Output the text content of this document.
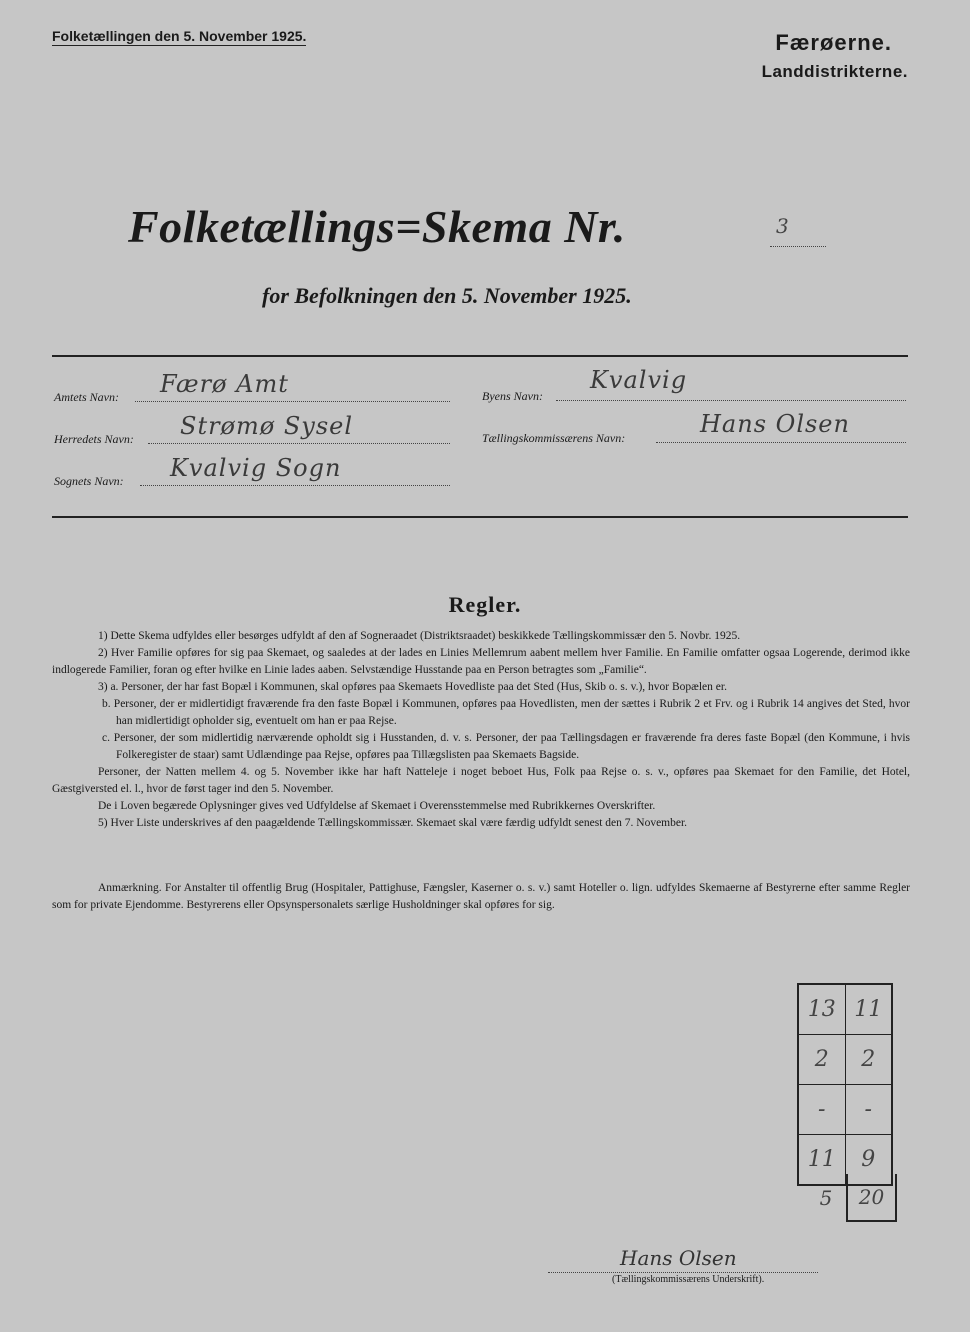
Folketællingen den 5. November 1925.	Færøerne.
Landdistrikterne.
Folketællings=Skema Nr.	3
for Befolkningen den 5. November 1925.
Amtets Navn: Færø Amt
Herredets Navn: Strømø Sysel
Sognets Navn: Kvalvig Sogn
Byens Navn:
Kvalvig
Tællingskommissærens Navn:	Hans Olsen
Regler.

1) Dette Skema udfyldes eller besørges udfyldt af den af Sogneraadet (Distriktsraadet) beskikkede Tællingskommissær den 5. Novbr. 1925.

2) Hver Familie opføres for sig paa Skemaet, og saaledes at der lades en Linies Mellemrum aabent mellem hver Familie. En Familie omfatter ogsaa Logerende, derimod ikke indlogerede Familier, foran og efter hvilke en Linie lades aaben. Selvstændige Husstande paa en Person betragtes som „Familie“.

3) a. Personer, der har fast Bopæl i Kommunen, skal opføres paa Skemaets Hovedliste paa det Sted (Hus, Skib o. s. v.), hvor Bopælen er.

b. Personer, der er midlertidigt fraværende fra den faste Bopæl i Kommunen, opføres paa Hovedlisten, men der sættes i Rubrik 2 et Frv. og i Rubrik 14 angives det Sted, hvor han midlertidigt opholder sig, eventuelt om han er paa Rejse.

c. Personer, der som midlertidig nærværende opholdt sig i Husstanden, d. v. s. Personer, der paa Tællingsdagen er fraværende fra deres faste Bopæl (den Kommune, i hvis Folkeregister de staar) samt Udlændinge paa Rejse, opføres paa Tillægslisten paa Skemaets Bagside.

Personer, der Natten mellem 4. og 5. November ikke har haft Natteleje i noget beboet Hus, Folk paa Rejse o. s. v., opføres paa Skemaet for den Familie, det Hotel, Gæstgiversted el. l., hvor de først tager ind den 5. November.

De i Loven begærede Oplysninger gives ved Udfyldelse af Skemaet i Overensstemmelse med Rubrikkernes Overskrifter.

5) Hver Liste underskrives af den paagældende Tællingskommissær. Skemaet skal være færdig udfyldt senest den 7. November.

Anmærkning. For Anstalter til offentlig Brug (Hospitaler, Pattighuse, Fængsler, Kaserner o. s. v.) samt Hoteller o. lign. udfyldes Skemaerne af Bestyrerne efter samme Regler som for private Ejendomme. Bestyrerens eller Opsynspersonalets særlige Husholdninger skal opføres for sig.
13	11
2	2
-	-
11	9
5	20
Hans Olsen
(Tællingskommissærens Underskrift).
